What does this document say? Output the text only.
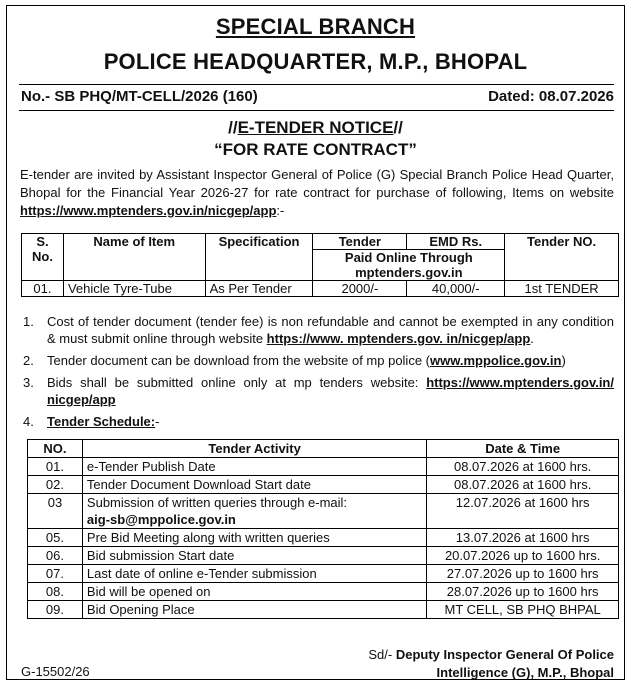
SPECIAL BRANCH
POLICE HEADQUARTER, M.P., BHOPAL
No.- SB PHQ/MT-CELL/2026 (160)	Dated: 08.07.2026
//E-TENDER NOTICE//
“FOR RATE CONTRACT”
E-tender are invited by Assistant Inspector General of Police (G) Special Branch Police Head Quarter, Bhopal for the Financial Year 2026-27 for rate contract for purchase of following, Items on website https://www.mptenders.gov.in/nicgep/app:-
S. No.	Name of Item	Specification	Tender	EMD Rs.	Tender NO.

			Paid Online Through
mptenders.gov.in		

01.	Vehicle Tyre-Tube	As Per Tender	2000/-	40,000/-	1st TENDER
1. Cost of tender document (tender fee) is non refundable and cannot be exempted in any condition & must submit online through website https://www. mptenders.gov. in/nicgep/app.
2. Tender document can be download from the website of mp police (www.mppolice.gov.in)
3. Bids shall be submitted online only at mp tenders website: https://www.mptenders.gov.in/ nicgep/app
4. Tender Schedule:-
NO.	Tender Activity	Date & Time
01.	e-Tender Publish Date	08.07.2026 at 1600 hrs.
02.	Tender Document Download Start date	08.07.2026 at 1600 hrs.
03	Submission of written queries through e-mail:
aig-sb@mppolice.gov.in	12.07.2026 at 1600 hrs
05.	Pre Bid Meeting along with written queries	13.07.2026 at 1600 hrs
06.	Bid submission Start date	20.07.2026 up to 1600 hrs.
07.	Last date of online e-Tender submission	27.07.2026 up to 1600 hrs
08.	Bid will be opened on	28.07.2026 up to 1600 hrs
09.	Bid Opening Place	MT CELL, SB PHQ BHPAL
Sd/- Deputy Inspector General Of Police
Intelligence (G), M.P., Bhopal
G-15502/26
